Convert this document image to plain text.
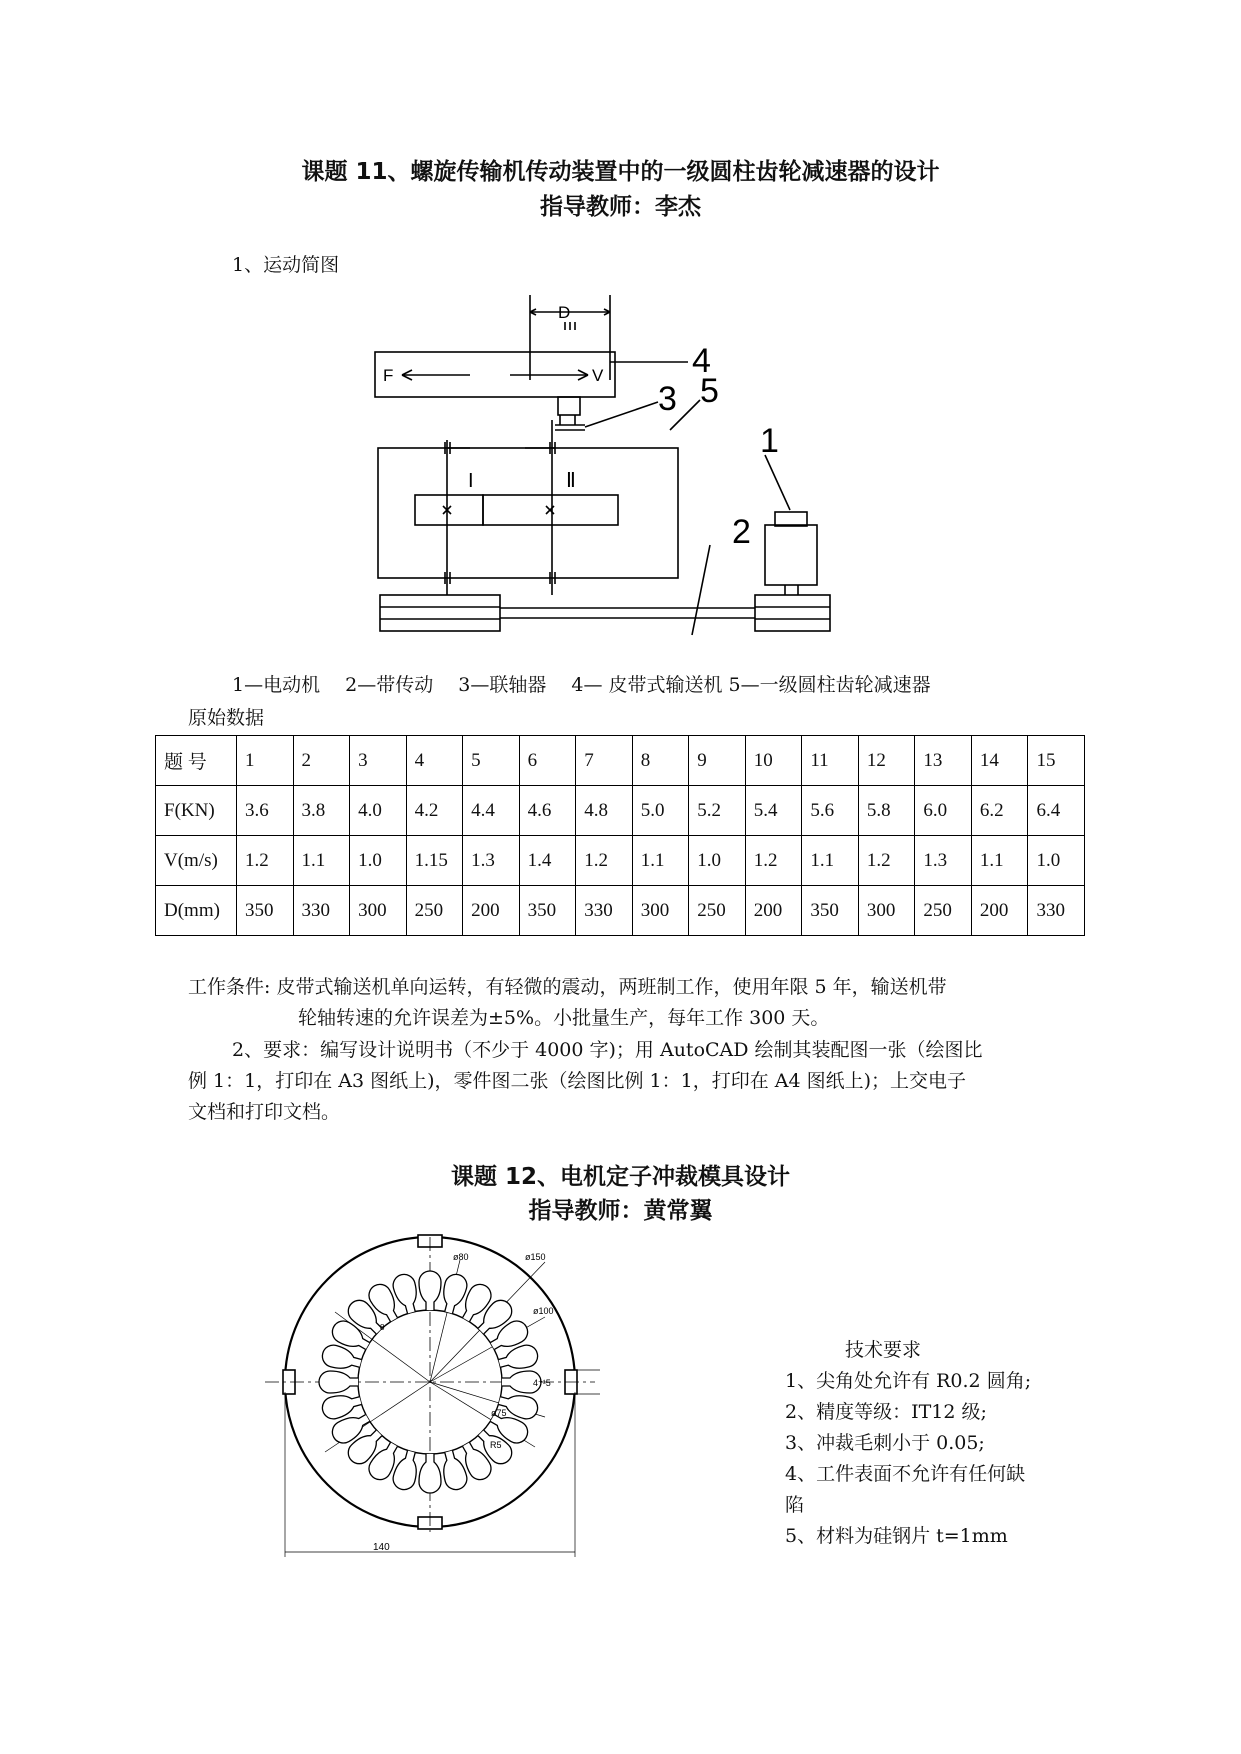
课题 11、螺旋传输机传动装置中的一级圆柱齿轮减速器的设计
指导教师：李杰
1、运动简图
D
F	V	4
3 5
1
2
I	Ⅱ
1—电动机　 2—带传动　 3—联轴器　 4— 皮带式输送机 5—一级圆柱齿轮减速器
原始数据
题 号	1	2	3	4	5	6	7	8	9	10	11	12	13	14	15
F(KN)	3.6	3.8	4.0	4.2	4.4	4.6	4.8	5.0	5.2	5.4	5.6	5.8	6.0	6.2	6.4
V(m/s)	1.2	1.1	1.0	1.15	1.3	1.4	1.2	1.1	1.0	1.2	1.1	1.2	1.3	1.1	1.0
D(mm)	350	330	300	250	200	350	330	300	250	200	350	300	250	200	330
工作条件: 皮带式输送机单向运转，有轻微的震动，两班制工作，使用年限 5 年，输送机带
轮轴转速的允许误差为±5%。小批量生产，每年工作 300 天。
2、要求：编写设计说明书（不少于 4000 字)；用 AutoCAD 绘制其装配图一张（绘图比
例 1：1，打印在 A3 图纸上)，零件图二张（绘图比例 1：1，打印在 A4 图纸上)；上交电子
文档和打印文档。
课题 12、电机定子冲裁模具设计
指导教师：黄常翼
ø80	ø150
ø100
ø75
R5
4⁺¹5
140
8
技术要求
1、尖角处允许有 R0.2 圆角;
2、精度等级：IT12 级;
3、冲裁毛刺小于 0.05;
4、工件表面不允许有任何缺
陷
5、材料为硅钢片 t=1mm
